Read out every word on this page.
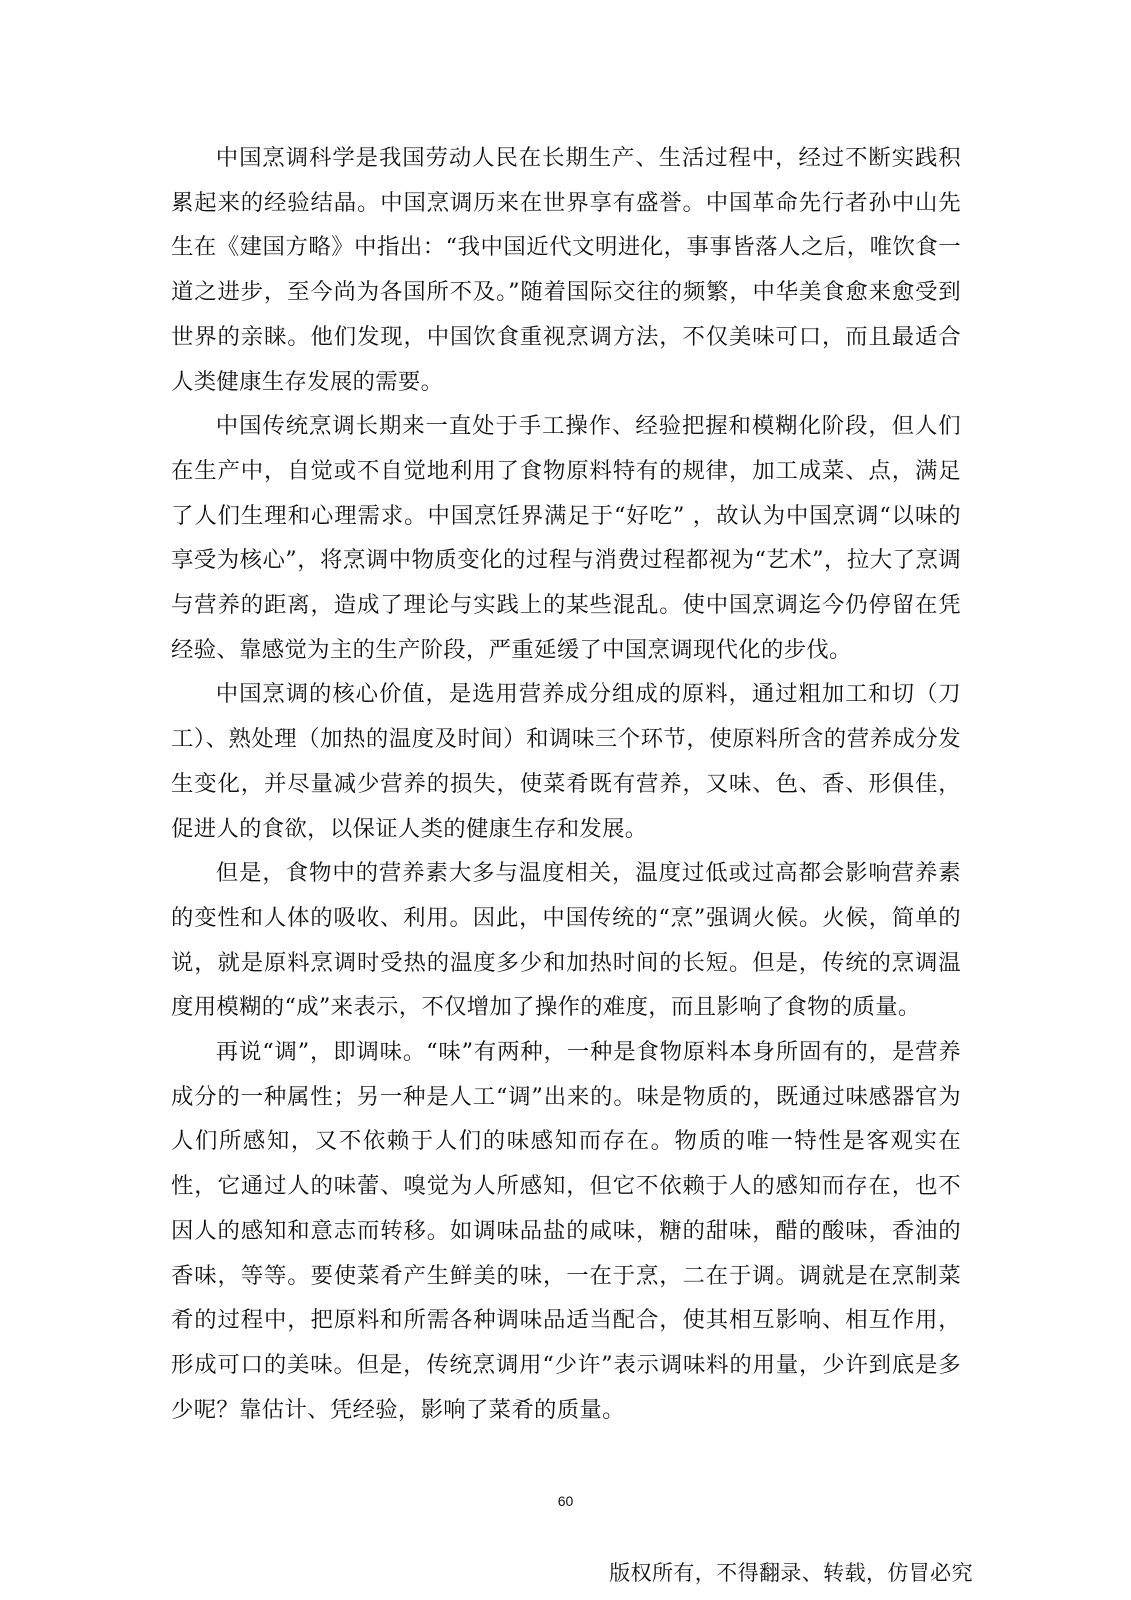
中国烹调科学是我国劳动人民在长期生产、生活过程中，经过不断实践积累起来的经验结晶。中国烹调历来在世界享有盛誉。中国革命先行者孙中山先生在《建国方略》中指出：“我中国近代文明进化，事事皆落人之后，唯饮食一道之进步，至今尚为各国所不及。”随着国际交往的频繁，中华美食愈来愈受到世界的亲睐。他们发现，中国饮食重视烹调方法，不仅美味可口，而且最适合人类健康生存发展的需要。

中国传统烹调长期来一直处于手工操作、经验把握和模糊化阶段，但人们在生产中，自觉或不自觉地利用了食物原料特有的规律，加工成菜、点，满足了人们生理和心理需求。中国烹饪界满足于“好吃” ，故认为中国烹调“以味的享受为核心”，将烹调中物质变化的过程与消费过程都视为“艺术”，拉大了烹调与营养的距离，造成了理论与实践上的某些混乱。使中国烹调迄今仍停留在凭经验、靠感觉为主的生产阶段，严重延缓了中国烹调现代化的步伐。

中国烹调的核心价值，是选用营养成分组成的原料，通过粗加工和切（刀工）、熟处理（加热的温度及时间）和调味三个环节，使原料所含的营养成分发生变化，并尽量减少营养的损失，使菜肴既有营养，又味、色、香、形俱佳，促进人的食欲，以保证人类的健康生存和发展。

但是，食物中的营养素大多与温度相关，温度过低或过高都会影响营养素的变性和人体的吸收、利用。因此，中国传统的“烹”强调火候。火候，简单的说，就是原料烹调时受热的温度多少和加热时间的长短。但是，传统的烹调温度用模糊的“成”来表示，不仅增加了操作的难度，而且影响了食物的质量。

再说“调”，即调味。“味”有两种，一种是食物原料本身所固有的，是营养成分的一种属性；另一种是人工“调”出来的。味是物质的，既通过味感器官为人们所感知，又不依赖于人们的味感知而存在。物质的唯一特性是客观实在性，它通过人的味蕾、嗅觉为人所感知，但它不依赖于人的感知而存在，也不因人的感知和意志而转移。如调味品盐的咸味，糖的甜味，醋的酸味，香油的香味，等等。要使菜肴产生鲜美的味，一在于烹，二在于调。调就是在烹制菜肴的过程中，把原料和所需各种调味品适当配合，使其相互影响、相互作用，形成可口的美味。但是，传统烹调用“少许”表示调味料的用量，少许到底是多少呢？靠估计、凭经验，影响了菜肴的质量。

60
版权所有，不得翻录、转载，仿冒必究
